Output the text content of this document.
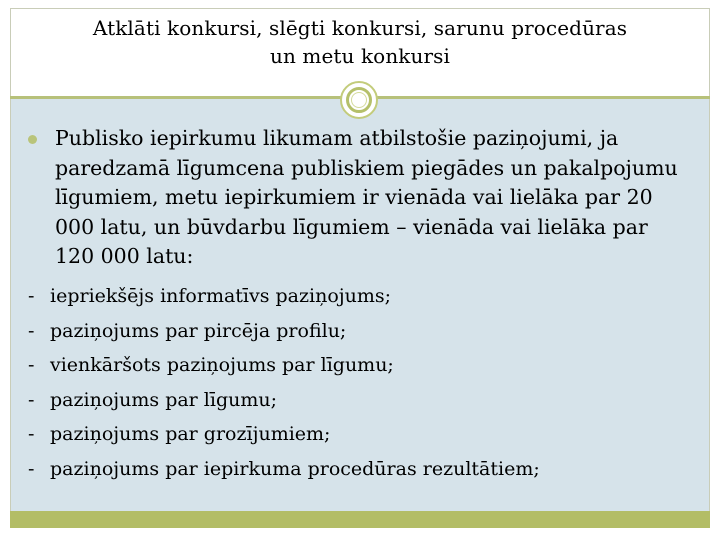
Atklāti konkursi, slēgti konkursi, sarunu procedūras
un metu konkursi
Publisko iepirkumu likumam atbilstošie paziņojumi, ja paredzamā līgumcena publiskiem piegādes un pakalpojumu līgumiem, metu iepirkumiem ir vienāda vai lielāka par 20 000 latu, un būvdarbu līgumiem – vienāda vai lielāka par 120 000 latu:
- iepriekšējs informatīvs paziņojums;
- paziņojums par pircēja profilu;
- vienkāršots paziņojums par līgumu;
- paziņojums par līgumu;
- paziņojums par grozījumiem;
- paziņojums par iepirkuma procedūras rezultātiem;
